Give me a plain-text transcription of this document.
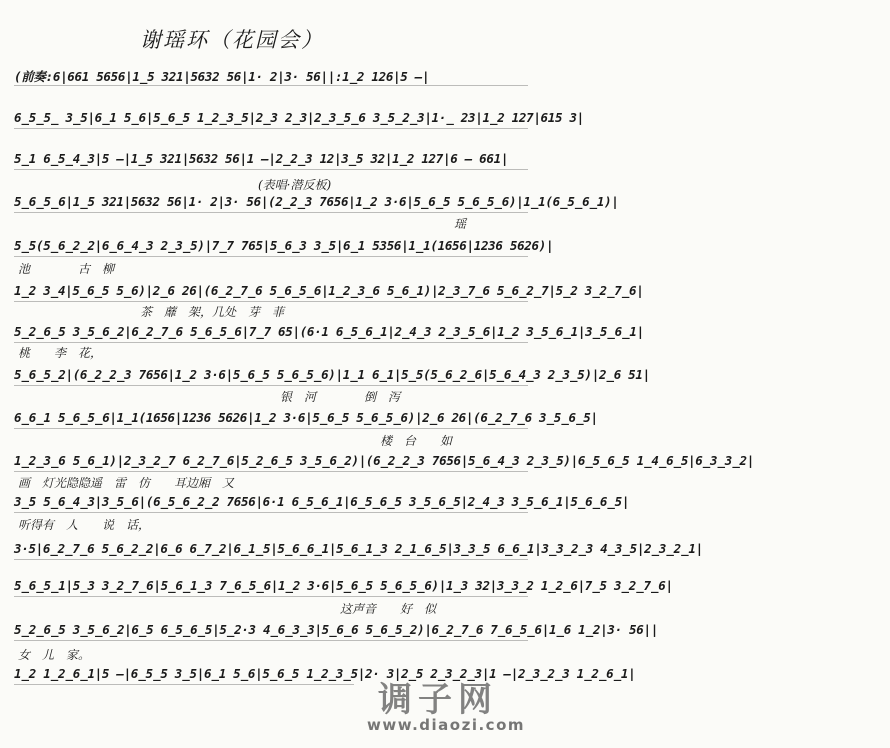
谢瑶环（花园会）
(前奏:6|661 5656|1̲5 321|5632 56|1· 2|3· 56||:1̲2 126|5 —|
6̲5̲5̲ 3̲5|6̲1 5̲6|5̲6̲5 1̲2̲3̲5|2̲3 2̲3|2̲3̲5̲6 3̲5̲2̲3|1·̲ 23|1̲2 127|615 3|
5̲1 6̲5̲4̲3|5 —|1̲5 321|5632 56|1 —|2̲2̲3 12|3̲5 32|1̲2 127|6 — 661|
(表唱·潜反板)
5̲6̲5̲6|1̲5 321|5632 56|1· 2|3· 56|(2̲2̲3 7656|1̲2 3·6|5̲6̲5 5̲6̲5̲6)|1̲1(6̲5̲6̲1)|
瑶
5̲5(5̲6̲2̲2|6̲6̲4̲3 2̲3̲5)|7̲7 765|5̲6̲3 3̲5|6̲1 5356|1̲1(1656|1236 5626)|
池　　　　古　柳
1̲2 3̲4|5̲6̲5 5̲6)|2̲6 26|(6̲2̲7̲6 5̲6̲5̲6|1̲2̲3̲6 5̲6̲1)|2̲3̲7̲6 5̲6̲2̲7|5̲2 3̲2̲7̲6|
茶　蘼　架，几处　芽　菲
5̲2̲6̲5 3̲5̲6̲2|6̲2̲7̲6 5̲6̲5̲6|7̲7 65|(6·1 6̲5̲6̲1|2̲4̲3 2̲3̲5̲6|1̲2 3̲5̲6̲1|3̲5̲6̲1|
桃　　李　花，
5̲6̲5̲2|(6̲2̲2̲3 7656|1̲2 3·6|5̲6̲5 5̲6̲5̲6)|1̲1 6̲1|5̲5(5̲6̲2̲6|5̲6̲4̲3 2̲3̲5)|2̲6 51|
银　河　　　　倒　泻
6̲6̲1 5̲6̲5̲6|1̲1(1656|1236 5626|1̲2 3·6|5̲6̲5 5̲6̲5̲6)|2̲6 26|(6̲2̲7̲6 3̲5̲6̲5|
楼　台　　如
1̲2̲3̲6 5̲6̲1)|2̲3̲2̲7 6̲2̲7̲6|5̲2̲6̲5 3̲5̲6̲2)|(6̲2̲2̲3 7656|5̲6̲4̲3 2̲3̲5)|6̲5̲6̲5 1̲4̲6̲5|6̲3̲3̲2|
画　灯光隐隐遥　雷　仿　　耳边厢　又
3̲5 5̲6̲4̲3|3̲5̲6|(6̲5̲6̲2̲2 7656|6·1 6̲5̲6̲1|6̲5̲6̲5 3̲5̲6̲5|2̲4̲3 3̲5̲6̲1|5̲6̲6̲5|
听得有　人　　说　话，
3·5|6̲2̲7̲6 5̲6̲2̲2|6̲6 6̲7̲2|6̲1̲5|5̲6̲6̲1|5̲6̲1̲3 2̲1̲6̲5|3̲3̲5 6̲6̲1|3̲3̲2̲3 4̲3̲5|2̲3̲2̲1|
5̲6̲5̲1|5̲3 3̲2̲7̲6|5̲6̲1̲3 7̲6̲5̲6|1̲2 3·6|5̲6̲5 5̲6̲5̲6)|1̲3 32|3̲3̲2 1̲2̲6|7̲5 3̲2̲7̲6|
这声音　　好　似
5̲2̲6̲5 3̲5̲6̲2|6̲5 6̲5̲6̲5|5̲2·3 4̲6̲3̲3|5̲6̲6 5̲6̲5̲2)|6̲2̲7̲6 7̲6̲5̲6|1̲6 1̲2|3· 56||
女　儿　家。
1̲2 1̲2̲6̲1|5 —|6̲5̲5 3̲5|6̲1 5̲6|5̲6̲5 1̲2̲3̲5|2· 3|2̲5 2̲3̲2̲3|1 —|2̲3̲2̲3 1̲2̲6̲1|
调子网
www.diaozi.com
